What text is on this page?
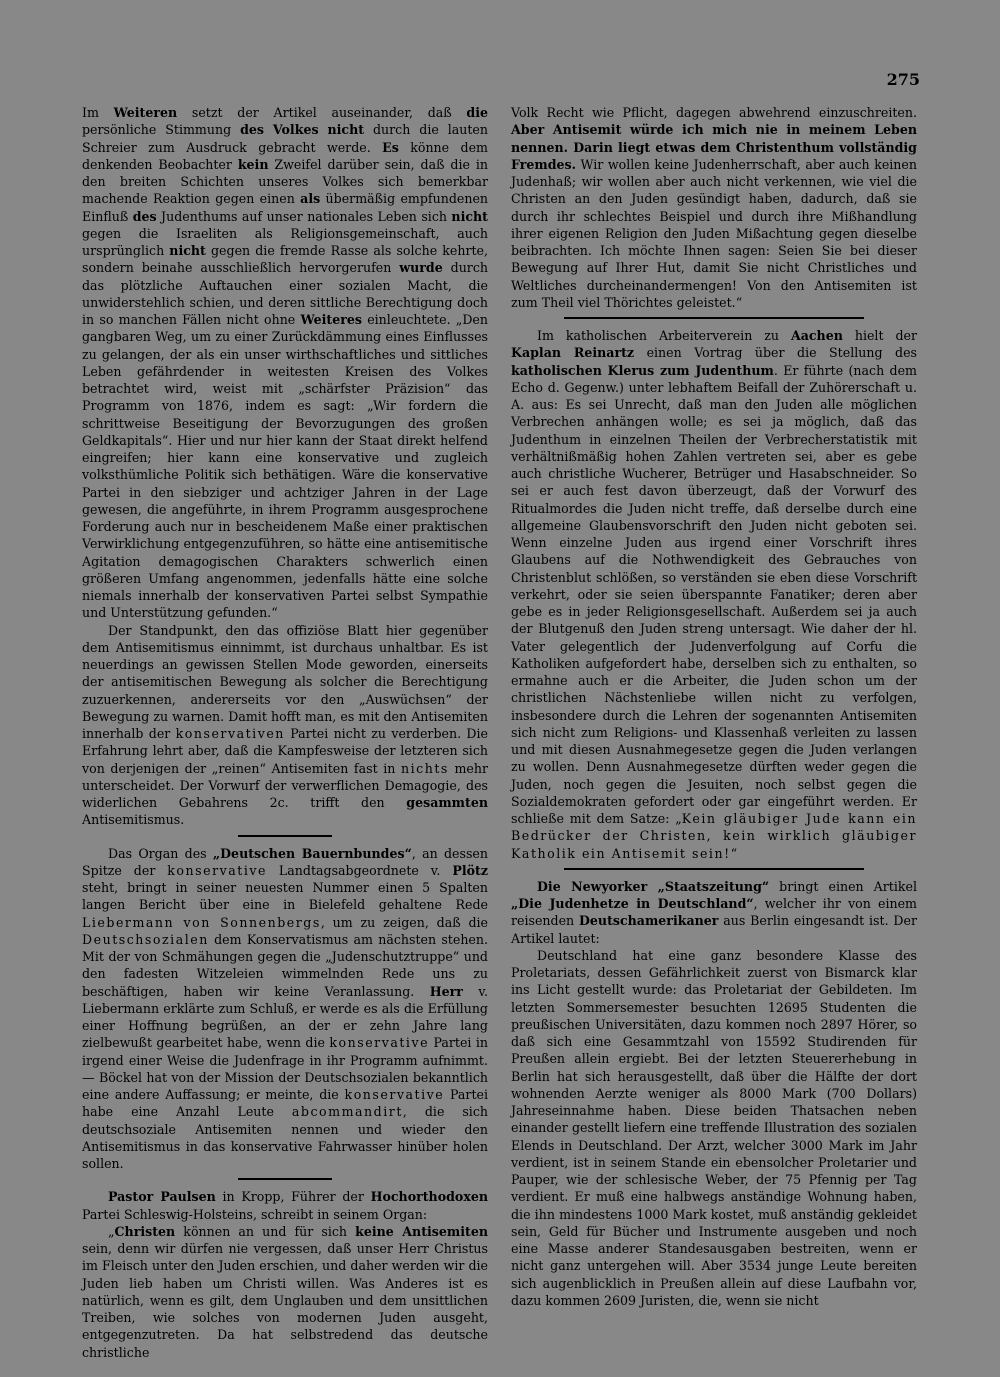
275

Im Weiteren setzt der Artikel auseinander, daß die persönliche Stimmung des Volkes nicht durch die lauten Schreier zum Ausdruck gebracht werde. Es könne dem denkenden Beobachter kein Zweifel darüber sein, daß die in den breiten Schichten unseres Volkes sich bemerkbar machende Reaktion gegen einen als übermäßig empfundenen Einfluß des Judenthums auf unser nationales Leben sich nicht gegen die Israeliten als Religionsgemeinschaft, auch ursprünglich nicht gegen die fremde Rasse als solche kehrte, sondern beinahe ausschließlich hervorgerufen wurde durch das plötzliche Auftauchen einer sozialen Macht, die unwiderstehlich schien, und deren sittliche Berechtigung doch in so manchen Fällen nicht ohne Weiteres einleuchtete. „Den gangbaren Weg, um zu einer Zurückdämmung eines Einflusses zu gelangen, der als ein unser wirthschaftliches und sittliches Leben gefährdender in weitesten Kreisen des Volkes betrachtet wird, weist mit „schärfster Präzision“ das Programm von 1876, indem es sagt: „Wir fordern die schrittweise Beseitigung der Bevorzugungen des großen Geldkapitals“. Hier und nur hier kann der Staat direkt helfend eingreifen; hier kann eine konservative und zugleich volksthümliche Politik sich bethätigen. Wäre die konservative Partei in den siebziger und achtziger Jahren in der Lage gewesen, die angeführte, in ihrem Programm ausgesprochene Forderung auch nur in bescheidenem Maße einer praktischen Verwirklichung entgegenzuführen, so hätte eine antisemitische Agitation demagogischen Charakters schwerlich einen größeren Umfang angenommen, jedenfalls hätte eine solche niemals innerhalb der konservativen Partei selbst Sympathie und Unterstützung gefunden.“

Der Standpunkt, den das offiziöse Blatt hier gegenüber dem Antisemitismus einnimmt, ist durchaus unhaltbar. Es ist neuerdings an gewissen Stellen Mode geworden, einerseits der antisemitischen Bewegung als solcher die Berechtigung zuzuerkennen, andererseits vor den „Auswüchsen“ der Bewegung zu warnen. Damit hofft man, es mit den Antisemiten innerhalb der konservativen Partei nicht zu verderben. Die Erfahrung lehrt aber, daß die Kampfesweise der letzteren sich von derjenigen der „reinen“ Antisemiten fast in nichts mehr unterscheidet. Der Vorwurf der verwerflichen Demagogie, des widerlichen Gebahrens 2c. trifft den gesammten Antisemitismus.

Das Organ des „Deutschen Bauernbundes“, an dessen Spitze der konservative Landtagsabgeordnete v. Plötz steht, bringt in seiner neuesten Nummer einen 5 Spalten langen Bericht über eine in Bielefeld gehaltene Rede Liebermann von Sonnenbergs, um zu zeigen, daß die Deutschsozialen dem Konservatismus am nächsten stehen. Mit der von Schmähungen gegen die „Judenschutztruppe“ und den fadesten Witzeleien wimmelnden Rede uns zu beschäftigen, haben wir keine Veranlassung. Herr v. Liebermann erklärte zum Schluß, er werde es als die Erfüllung einer Hoffnung begrüßen, an der er zehn Jahre lang zielbewußt gearbeitet habe, wenn die konservative Partei in irgend einer Weise die Judenfrage in ihr Programm aufnimmt. — Böckel hat von der Mission der Deutschsozialen bekanntlich eine andere Auffassung; er meinte, die konservative Partei habe eine Anzahl Leute abcommandirt, die sich deutschsoziale Antisemiten nennen und wieder den Antisemitismus in das konservative Fahrwasser hinüber holen sollen.

Pastor Paulsen in Kropp, Führer der Hochorthodoxen Partei Schleswig-Holsteins, schreibt in seinem Organ:

„Christen können an und für sich keine Antisemiten sein, denn wir dürfen nie vergessen, daß unser Herr Christus im Fleisch unter den Juden erschien, und daher werden wir die Juden lieb haben um Christi willen. Was Anderes ist es natürlich, wenn es gilt, dem Unglauben und dem unsittlichen Treiben, wie solches von modernen Juden ausgeht, entgegenzutreten. Da hat selbstredend das deutsche christliche

Volk Recht wie Pflicht, dagegen abwehrend einzuschreiten. Aber Antisemit würde ich mich nie in meinem Leben nennen. Darin liegt etwas dem Christenthum vollständig Fremdes. Wir wollen keine Judenherrschaft, aber auch keinen Judenhaß; wir wollen aber auch nicht verkennen, wie viel die Christen an den Juden gesündigt haben, dadurch, daß sie durch ihr schlechtes Beispiel und durch ihre Mißhandlung ihrer eigenen Religion den Juden Mißachtung gegen dieselbe beibrachten. Ich möchte Ihnen sagen: Seien Sie bei dieser Bewegung auf Ihrer Hut, damit Sie nicht Christliches und Weltliches durcheinandermengen! Von den Antisemiten ist zum Theil viel Thörichtes geleistet.“

Im katholischen Arbeiterverein zu Aachen hielt der Kaplan Reinartz einen Vortrag über die Stellung des katholischen Klerus zum Judenthum. Er führte (nach dem Echo d. Gegenw.) unter lebhaftem Beifall der Zuhörerschaft u. A. aus: Es sei Unrecht, daß man den Juden alle möglichen Verbrechen anhängen wolle; es sei ja möglich, daß das Judenthum in einzelnen Theilen der Verbrecherstatistik mit verhältnißmäßig hohen Zahlen vertreten sei, aber es gebe auch christliche Wucherer, Betrüger und Hasabschneider. So sei er auch fest davon überzeugt, daß der Vorwurf des Ritualmordes die Juden nicht treffe, daß derselbe durch eine allgemeine Glaubensvorschrift den Juden nicht geboten sei. Wenn einzelne Juden aus irgend einer Vorschrift ihres Glaubens auf die Nothwendigkeit des Gebrauches von Christenblut schlößen, so verständen sie eben diese Vorschrift verkehrt, oder sie seien überspannte Fanatiker; deren aber gebe es in jeder Religionsgesellschaft. Außerdem sei ja auch der Blutgenuß den Juden streng untersagt. Wie daher der hl. Vater gelegentlich der Judenverfolgung auf Corfu die Katholiken aufgefordert habe, derselben sich zu enthalten, so ermahne auch er die Arbeiter, die Juden schon um der christlichen Nächstenliebe willen nicht zu verfolgen, insbesondere durch die Lehren der sogenannten Antisemiten sich nicht zum Religions- und Klassenhaß verleiten zu lassen und mit diesen Ausnahmegesetze gegen die Juden verlangen zu wollen. Denn Ausnahmegesetze dürften weder gegen die Juden, noch gegen die Jesuiten, noch selbst gegen die Sozialdemokraten gefordert oder gar eingeführt werden. Er schließe mit dem Satze: „Kein gläubiger Jude kann ein Bedrücker der Christen, kein wirklich gläubiger Katholik ein Antisemit sein!“

Die Newyorker „Staatszeitung“ bringt einen Artikel „Die Judenhetze in Deutschland“, welcher ihr von einem reisenden Deutschamerikaner aus Berlin eingesandt ist. Der Artikel lautet:

Deutschland hat eine ganz besondere Klasse des Proletariats, dessen Gefährlichkeit zuerst von Bismarck klar ins Licht gestellt wurde: das Proletariat der Gebildeten. Im letzten Sommersemester besuchten 12695 Studenten die preußischen Universitäten, dazu kommen noch 2897 Hörer, so daß sich eine Gesammtzahl von 15592 Studirenden für Preußen allein ergiebt. Bei der letzten Steuererhebung in Berlin hat sich herausgestellt, daß über die Hälfte der dort wohnenden Aerzte weniger als 8000 Mark (700 Dollars) Jahreseinnahme haben. Diese beiden Thatsachen neben einander gestellt liefern eine treffende Illustration des sozialen Elends in Deutschland. Der Arzt, welcher 3000 Mark im Jahr verdient, ist in seinem Stande ein ebensolcher Proletarier und Pauper, wie der schlesische Weber, der 75 Pfennig per Tag verdient. Er muß eine halbwegs anständige Wohnung haben, die ihn mindestens 1000 Mark kostet, muß anständig gekleidet sein, Geld für Bücher und Instrumente ausgeben und noch eine Masse anderer Standesausgaben bestreiten, wenn er nicht ganz untergehen will. Aber 3534 junge Leute bereiten sich augenblicklich in Preußen allein auf diese Laufbahn vor, dazu kommen 2609 Juristen, die, wenn sie nicht
